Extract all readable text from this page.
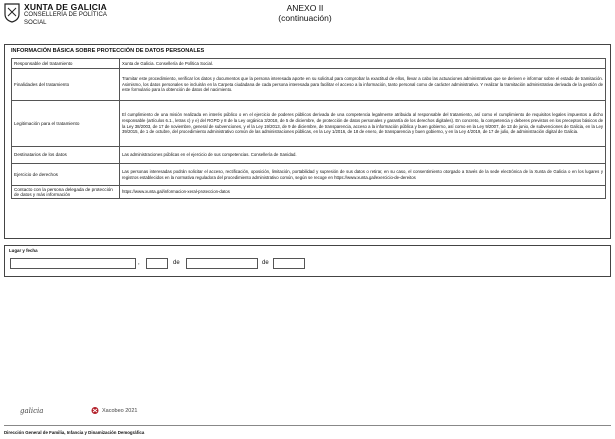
XUNTA DE GALICIA
CONSELLERÍA DE POLÍTICA
SOCIAL
ANEXO II
(continuación)
INFORMACIÓN BÁSICA SOBRE PROTECCIÓN DE DATOS PERSONALES
Responsable del tratamiento	Xunta de Galicia. Consellería de Política Social.
Finalidades del tratamiento	Tramitar este procedimiento, verificar los datos y documentos que la persona interesada aporte en su solicitud para comprobar la exactitud de ellos, llevar a cabo las actuaciones administrativas que se deriven e informar sobre el estado de tramitación. Asimismo, los datos personales se incluirán en la Carpeta ciudadana de cada persona interesada para facilitar el acceso a la información, tanto personal como de carácter administrativo. Y realizar la tramitación administrativa derivada de la gestión de este formulario para la obtención de datos del nacimiento.
Legitimación para el tratamiento	El cumplimiento de una misión realizada en interés público o en el ejercicio de poderes públicos derivada de una competencia legalmente atribuida al responsable del tratamiento, así como el cumplimiento de requisitos legales impuestos a dicho responsable (artículos 6.1., letras c) y e) del RGPD y 8 de la Ley orgánica 3/2018, de 5 de diciembre, de protección de datos personales y garantía de los derechos digitales). En concreto, la competencia y deberes previstos en los preceptos básicos de la Ley 38/2003, de 17 de noviembre, general de subvenciones, y el la Ley 19/2013, de 9 de diciembre, de transparencia, acceso a la información pública y buen gobierno, así como en la Ley 9/2007, de 13 de junio, de subvenciones de Galicia, en la Ley 39/2015, de 1 de octubre, del procedimiento administrativo común de las administraciones públicas, en la Ley 1/2016, de 18 de enero, de transparencia y buen gobierno, y en la Ley 4/2019, de 17 de julio, de administración digital de Galicia.
Destinatarios de los datos	Las administraciones públicas en el ejercicio de sus competencias. Consellería de Sanidad.
Ejercicio de derechos	Las personas interesadas podrán solicitar el acceso, rectificación, oposición, limitación, portabilidad y supresión de sus datos o retirar, en su caso, el consentimiento otorgado a través de la sede electrónica de la Xunta de Galicia o en los lugares y registros establecidos en la normativa reguladora del procedimiento administrativo común, según se recoge en https://www.xunta.gal/exercicio-de-dereitos
Contacto con la persona delegada de protección de datos y más información	https://www.xunta.gal/informacion-xeral-proteccion-datos
Lugar y fecha
,	de	de
galicia	Xacobeo 2021
Dirección General de Familia, Infancia y Dinamización Demográfica
